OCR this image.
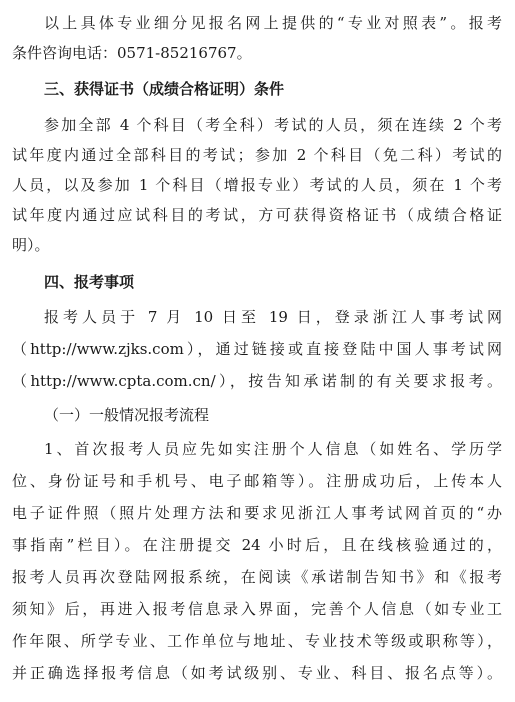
以上具体专业细分见报名网上提供的“专业对照表”。报考
条件咨询电话：0571-85216767。
三、获得证书（成绩合格证明）条件
参加全部 4 个科目（考全科）考试的人员，须在连续 2 个考
试年度内通过全部科目的考试；参加 2 个科目（免二科）考试的
人员，以及参加 1 个科目（增报专业）考试的人员，须在 1 个考
试年度内通过应试科目的考试，方可获得资格证书（成绩合格证
明）。
四、报考事项
报考人员于 7 月 10 日至 19 日，登录浙江人事考试网
（http://www.zjks.com），通过链接或直接登陆中国人事考试网
（http://www.cpta.com.cn/），按告知承诺制的有关要求报考。
（一）一般情况报考流程
1、首次报考人员应先如实注册个人信息（如姓名、学历学
位、身份证号和手机号、电子邮箱等）。注册成功后，上传本人
电子证件照（照片处理方法和要求见浙江人事考试网首页的“办
事指南”栏目）。在注册提交 24 小时后，且在线核验通过的，
报考人员再次登陆网报系统，在阅读《承诺制告知书》和《报考
须知》后，再进入报考信息录入界面，完善个人信息（如专业工
作年限、所学专业、工作单位与地址、专业技术等级或职称等），
并正确选择报考信息（如考试级别、专业、科目、报名点等）。
